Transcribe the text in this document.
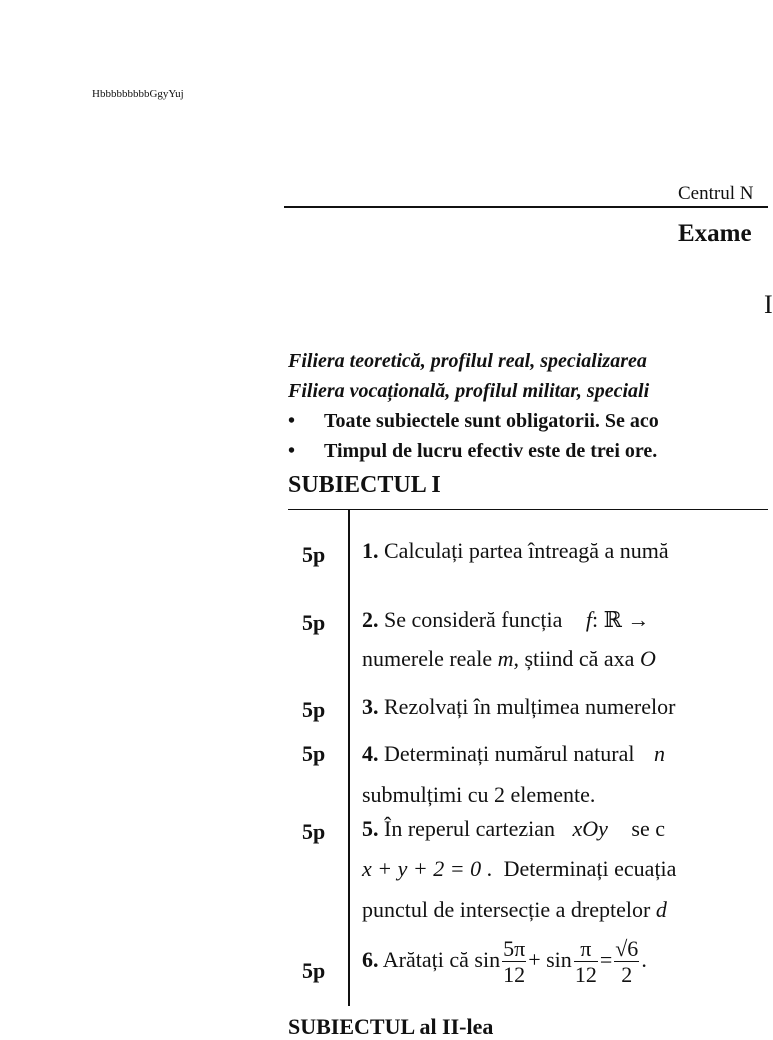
HbbbbbbbbbGgyYuj
Centrul N
Exame
I
Filiera teoretică, profilul real, specializarea
Filiera vocațională, profilul militar, speciali
• Toate subiectele sunt obligatorii. Se aco
• Timpul de lucru efectiv este de trei ore.
SUBIECTUL I
5p 1. Calculați partea întreagă a numă
5p 2. Se consideră funcția f: ℝ →
numerele reale m, știind că axa O
5p 3. Rezolvați în mulțimea numerelor
5p 4. Determinați numărul natural n
submulțimi cu 2 elemente.
5p 5. În reperul cartezian xOy se c
x + y + 2 = 0 . Determinați ecuația
punctul de intersecție a dreptelor d
5p 6. Arătați că $\sin \frac{5\pi}{12} + \sin \frac{\pi}{12} = \frac{√6}{2}$ .
SUBIECTUL al II-lea
